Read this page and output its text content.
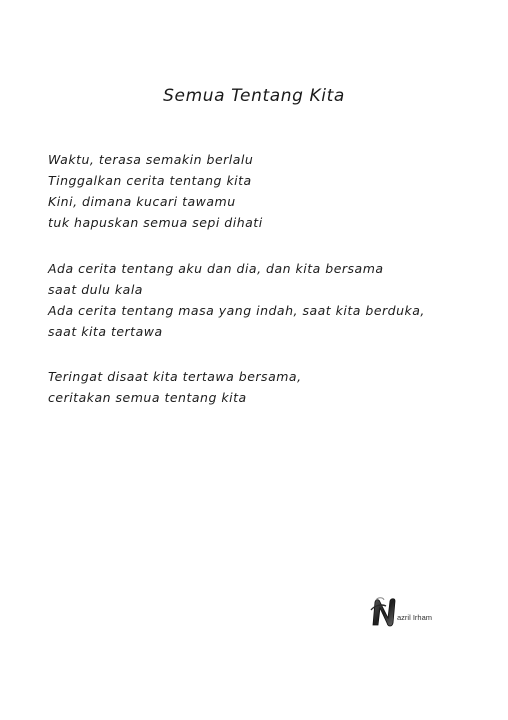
Semua Tentang Kita
Waktu, terasa semakin berlalu
Tinggalkan cerita tentang kita
Kini, dimana kucari tawamu
tuk hapuskan semua sepi dihati
Ada cerita tentang aku dan dia, dan kita bersama
saat dulu kala
Ada cerita tentang masa yang indah, saat kita berduka,
saat kita tertawa
Teringat disaat kita tertawa bersama,
ceritakan semua tentang kita
azril Irham
